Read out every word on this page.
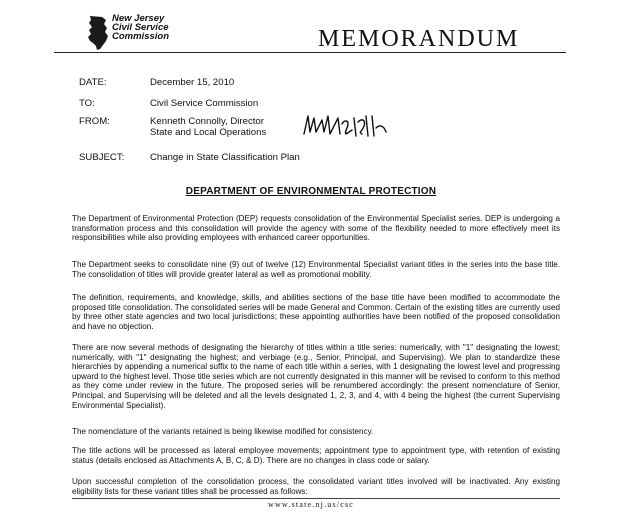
New Jersey
Civil Service
Commission	MEMORANDUM
DATE:	December 15, 2010
TO:	Civil Service Commission
FROM:	Kenneth Connolly, Director
State and Local Operations
SUBJECT:	Change in State Classification Plan
DEPARTMENT OF ENVIRONMENTAL PROTECTION
The Department of Environmental Protection (DEP) requests consolidation of the Environmental Specialist series. DEP is undergoing a transformation process and this consolidation will provide the agency with some of the flexibility needed to more effectively meet its responsibilities while also providing employees with enhanced career opportunities.
The Department seeks to consolidate nine (9) out of twelve (12) Environmental Specialist variant titles in the series into the base title. The consolidation of titles will provide greater lateral as well as promotional mobility.
The definition, requirements, and knowledge, skills, and abilities sections of the base title have been modified to accommodate the proposed title consolidation. The consolidated series will be made General and Common. Certain of the existing titles are currently used by three other state agencies and two local jurisdictions; these appointing authorities have been notified of the proposed consolidation and have no objection.
There are now several methods of designating the hierarchy of titles within a title series: numerically, with "1" designating the lowest; numerically, with "1" designating the highest; and verbiage (e.g., Senior, Principal, and Supervising). We plan to standardize these hierarchies by appending a numerical suffix to the name of each title within a series, with 1 designating the lowest level and progressing upward to the highest level. Those title series which are not currently designated in this manner will be revised to conform to this method as they come under review in the future. The proposed series will be renumbered accordingly: the present nomenclature of Senior, Principal, and Supervising will be deleted and all the levels designated 1, 2, 3, and 4, with 4 being the highest (the current Supervising Environmental Specialist).
The nomenclature of the variants retained is being likewise modified for consistency.
The title actions will be processed as lateral employee movements; appointment type to appointment type, with retention of existing status (details enclosed as Attachments A, B, C, & D). There are no changes in class code or salary.
Upon successful completion of the consolidation process, the consolidated variant titles involved will be inactivated. Any existing eligibility lists for these variant titles shall be processed as follows:
www.state.nj.us/csc
